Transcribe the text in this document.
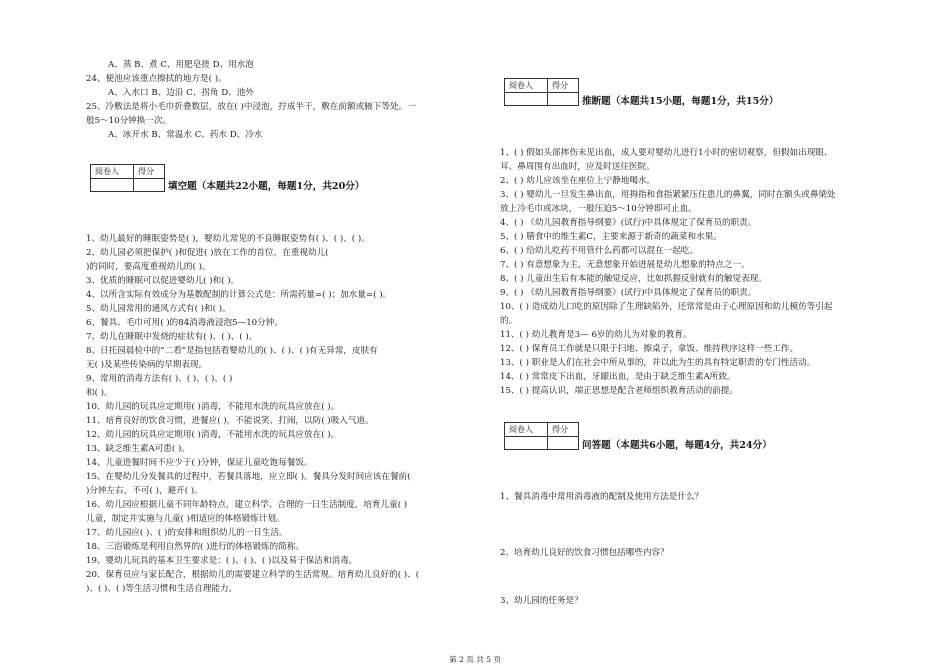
A、蒸 B、煮 C、用肥皂搓 D、用水泡
24、便池应该重点擦拭的地方是( )。
A、入水口 B、边沿 C、拐角 D、池外
25、冷敷法是将小毛巾折叠数层，放在( )中浸泡，拧成半干，敷在前额或腋下等处。一
般5～10分钟换一次。
A、冰开水 B、常温水 C、药水 D、冷水
阅卷人	得分

填空题（本题共22小题，每题1分，共20分）
1、幼儿最好的睡眠姿势是( )，婴幼儿常见的不良睡眠姿势有( )、( )、( )。
2、幼儿园必须把保护( )和促进( )放在工作的首位，在重视幼儿(
)的同时，要高度重视幼儿的( )。
3、优质的睡眠可以促进婴幼儿( )和( )。
4、以所含实际有效成分为基数配制的计算公式是：所需药量=( )；加水量=( )。
5、幼儿园常用的通风方式有( )和( )。
6、餐具、毛巾可用( )的84消毒液浸泡5—10分钟。
7、幼儿在睡眠中发烧的症状有( )、( )、( )。
8、日托园晨检中的“二看”是指包括看婴幼儿的( )、( )、( )有无异常，皮肤有
无( )及某些传染病的早期表现。
9、常用的消毒方法有( )、( )、( )、( )
和( )。
10、幼儿园的玩具应定期用( )消毒，不能用水洗的玩具应放在( )。
11、培育良好的饮食习惯，进餐应( )，不能说笑、打闹，以防( )吸入气道。
12、幼儿园的玩具应定期用( )消毒，不能用水洗的玩具应放在( )。
13、缺乏维生素A可患( )。
14、儿童进餐时间不应少于( )分钟，保证儿童吃饱每餐饭。
15、在婴幼儿分发餐具的过程中，若餐具落地，应立即( )。餐具分发时间应该在餐前(
)分钟左右，不可( )，避开( )。
16、幼儿园应根据儿童不同年龄特点，建立科学、合理的一日生活制度，培育儿童( )
儿童，制定并实施与儿童( )相适应的体格锻炼计划。
17、幼儿园应( )、( )的安排和组织幼儿的一日生活。
18、三浴锻炼是利用自然界的( )进行的体格锻炼的简称。
19、婴幼儿玩具的基本卫生要求是：( )、( )、( )以及易于保洁和消毒。
20、保育员应与家长配合，根据幼儿的需要建立科学的生活常规。培育幼儿良好的( )、(
)、( )、( )等生活习惯和生活自理能力。
阅卷人	得分

推断题（本题共15小题，每题1分，共15分）
1、( ) 假如头部摔伤未见出血，成人要对婴幼儿进行1小时的密切观察，但假如出现眼、
耳、鼻周围有出血时，应及时送往医院。
2、( ) 幼儿应该坐在座位上宁静地喝水。
3、( ) 婴幼儿一旦发生鼻出血，用拇指和食指紧紧压住患儿的鼻翼，同时在额头或鼻梁处
放上冷毛巾或冰块，一般压迫5～10分钟即可止血。
4、( ) 《幼儿园教育指导纲要》(试行)中具体规定了保育员的职责。
5、( ) 膳食中的维生素C，主要来源于新奇的蔬菜和水果。
6、( ) 给幼儿吃药不用管什么药都可以混在一起吃。
7、( ) 有意想象为主，无意想象开始进展是幼儿想象的特点之一。
8、( ) 儿童出生后有本能的触觉反应，比如抓握反射就有的触觉表现。
9、( ) 《幼儿园教育指导纲要》(试行)中具体规定了保育员的职责。
10、( ) 造成幼儿口吃的原因除了生理缺陷外，还常常是由于心理原因和幼儿模仿等引起
的。
11、( ) 幼儿教育是3— 6岁的幼儿为对象的教育。
12、( ) 保育员工作就是只限于扫地、擦桌子，拿饭、维持秩序这样一些工作。
13、( ) 职业是人们在社会中所从事的，并以此为生的具有特定职责的专门性活动。
14、( ) 常常皮下出血，牙龈出血，是由于缺乏维生素A所致。
15、( ) 提高认识，端正思想是配合老师组织教育活动的前提。
阅卷人	得分

问答题（本题共6小题，每题4分，共24分）
1、餐具消毒中常用消毒液的配制及使用方法是什么？
2、培育幼儿良好的饮食习惯包括哪些内容？
3、幼儿园的任务是？
第 2 页 共 5 页
